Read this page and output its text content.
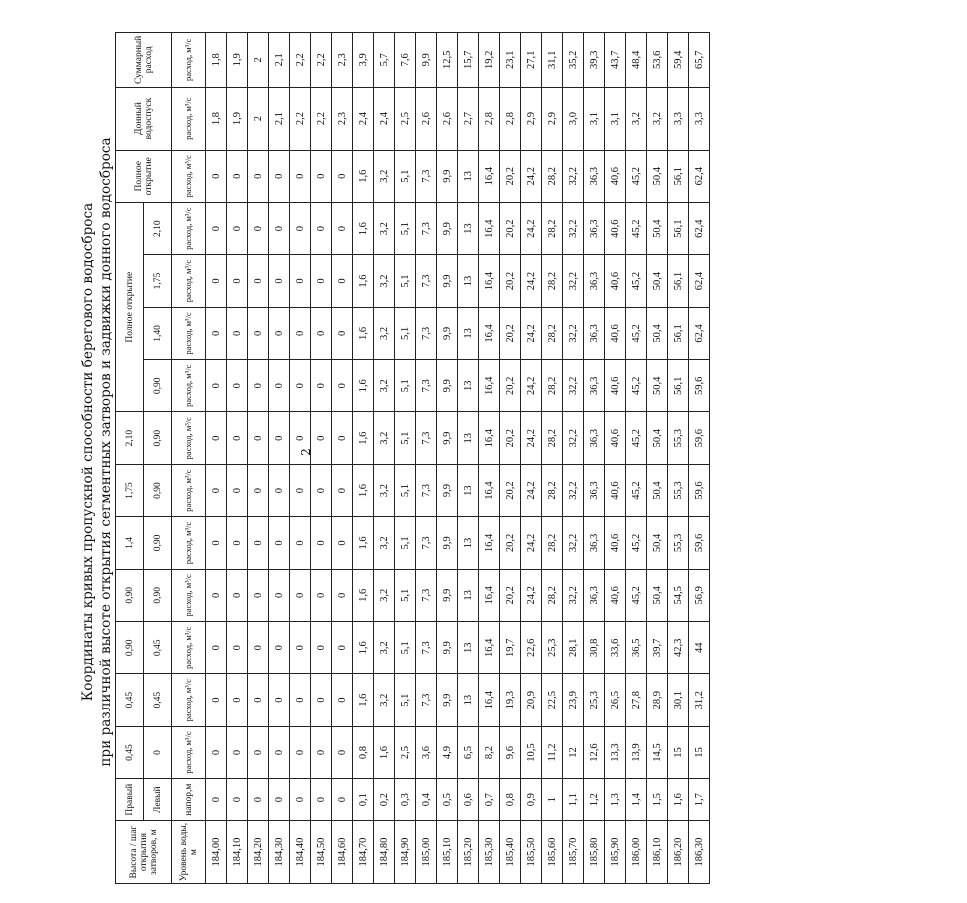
2
Координаты кривых пропускной способности берегового водосброса при различной высоте открытия сегментных затворов и задвижки донного водосброса
Высота / шаг открытия затворов, м	Правый	0,45	0,45	0,90	0,90	1,4	1,75	2,10	Полное открытие				Полное открытие	Донный водоспуск	Суммарный расход
	Левый	0	0,45	0,45	0,90	0,90	0,90	0,90	0,90	1,40	1,75	2,10			
Уровень воды, м	напор,м	расход, м³/с	расход, м³/с	расход, м³/с	расход, м³/с	расход, м³/с	расход, м³/с	расход, м³/с	расход, м³/с	расход, м³/с	расход, м³/с	расход, м³/с	расход, м³/с	расход, м³/с	расход, м³/с
184,00	0	0	0	0	0	0	0	0	0	0	0	0	0	1,8	1,8
184,10	0	0	0	0	0	0	0	0	0	0	0	0	0	1,9	1,9
184,20	0	0	0	0	0	0	0	0	0	0	0	0	0	2	2
184,30	0	0	0	0	0	0	0	0	0	0	0	0	0	2,1	2,1
184,40	0	0	0	0	0	0	0	0	0	0	0	0	0	2,2	2,2
184,50	0	0	0	0	0	0	0	0	0	0	0	0	0	2,2	2,2
184,60	0	0	0	0	0	0	0	0	0	0	0	0	0	2,3	2,3
184,70	0,1	0,8	1,6	1,6	1,6	1,6	1,6	1,6	1,6	1,6	1,6	1,6	1,6	2,4	3,9
184,80	0,2	1,6	3,2	3,2	3,2	3,2	3,2	3,2	3,2	3,2	3,2	3,2	3,2	2,4	5,7
184,90	0,3	2,5	5,1	5,1	5,1	5,1	5,1	5,1	5,1	5,1	5,1	5,1	5,1	2,5	7,6
185,00	0,4	3,6	7,3	7,3	7,3	7,3	7,3	7,3	7,3	7,3	7,3	7,3	7,3	2,6	9,9
185,10	0,5	4,9	9,9	9,9	9,9	9,9	9,9	9,9	9,9	9,9	9,9	9,9	9,9	2,6	12,5
185,20	0,6	6,5	13	13	13	13	13	13	13	13	13	13	13	2,7	15,7
185,30	0,7	8,2	16,4	16,4	16,4	16,4	16,4	16,4	16,4	16,4	16,4	16,4	16,4	2,8	19,2
185,40	0,8	9,6	19,3	19,7	20,2	20,2	20,2	20,2	20,2	20,2	20,2	20,2	20,2	2,8	23,1
185,50	0,9	10,5	20,9	22,6	24,2	24,2	24,2	24,2	24,2	24,2	24,2	24,2	24,2	2,9	27,1
185,60	1	11,2	22,5	25,3	28,2	28,2	28,2	28,2	28,2	28,2	28,2	28,2	28,2	2,9	31,1
185,70	1,1	12	23,9	28,1	32,2	32,2	32,2	32,2	32,2	32,2	32,2	32,2	32,2	3,0	35,2
185,80	1,2	12,6	25,3	30,8	36,3	36,3	36,3	36,3	36,3	36,3	36,3	36,3	36,3	3,1	39,3
185,90	1,3	13,3	26,5	33,6	40,6	40,6	40,6	40,6	40,6	40,6	40,6	40,6	40,6	3,1	43,7
186,00	1,4	13,9	27,8	36,5	45,2	45,2	45,2	45,2	45,2	45,2	45,2	45,2	45,2	3,2	48,4
186,10	1,5	14,5	28,9	39,7	50,4	50,4	50,4	50,4	50,4	50,4	50,4	50,4	50,4	3,2	53,6
186,20	1,6	15	30,1	42,3	54,5	55,3	55,3	55,3	56,1	56,1	56,1	56,1	56,1	3,3	59,4
186,30	1,7	15	31,2	44	56,9	59,6	59,6	59,6	59,6	62,4	62,4	62,4	62,4	3,3	65,7
